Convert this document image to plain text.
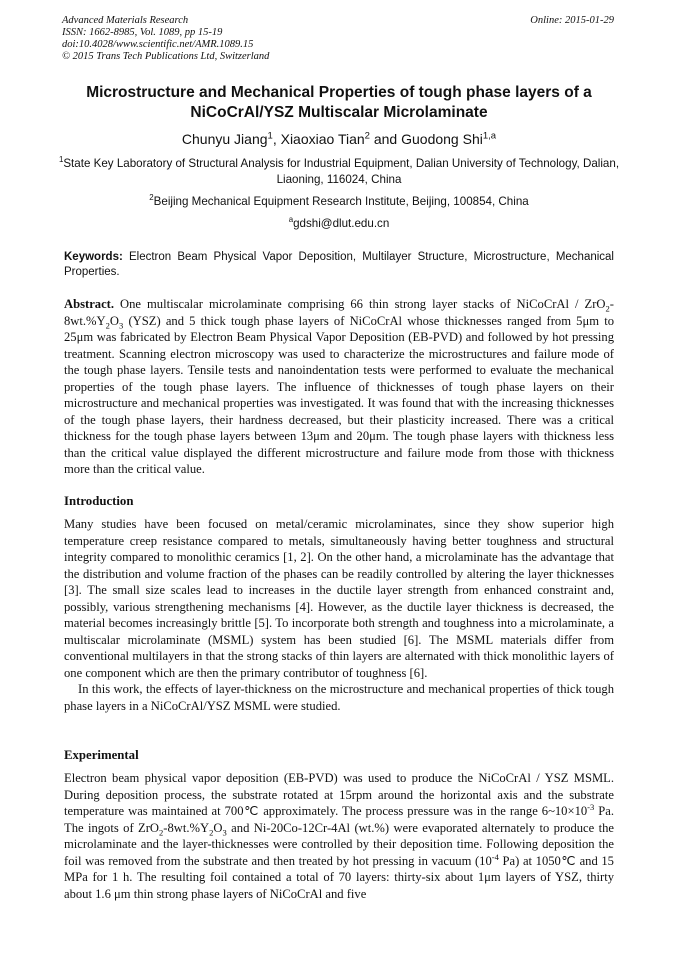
Advanced Materials Research
ISSN: 1662-8985, Vol. 1089, pp 15-19
doi:10.4028/www.scientific.net/AMR.1089.15
© 2015 Trans Tech Publications Ltd, Switzerland
Online: 2015-01-29
Microstructure and Mechanical Properties of tough phase layers of a NiCoCrAl/YSZ Multiscalar Microlaminate
Chunyu Jiang$^1$, Xiaoxiao Tian$^2$ and Guodong Shi$^{1,a}$
$^1$State Key Laboratory of Structural Analysis for Industrial Equipment, Dalian University of Technology, Dalian, Liaoning, 116024, China
$^2$Beijing Mechanical Equipment Research Institute, Beijing, 100854, China
$^a$gdshi@dlut.edu.cn
Keywords: Electron Beam Physical Vapor Deposition, Multilayer Structure, Microstructure, Mechanical Properties.
Abstract. One multiscalar microlaminate comprising 66 thin strong layer stacks of NiCoCrAl / $ZrO_2-8wt.\%Y_2O_3$ (YSZ) and 5 thick tough phase layers of NiCoCrAl whose thicknesses ranged from 5μm to 25μm was fabricated by Electron Beam Physical Vapor Deposition (EB-PVD) and followed by hot pressing treatment. Scanning electron microscopy was used to characterize the microstructures and failure mode of the tough phase layers. Tensile tests and nanoindentation tests were performed to evaluate the mechanical properties of the tough phase layers. The influence of thicknesses of tough phase layers on their microstructure and mechanical properties was investigated. It was found that with the increasing thicknesses of the tough phase layers, their hardness decreased, but their plasticity increased. There was a critical thickness for the tough phase layers between 13μm and 20μm. The tough phase layers with thickness less than the critical value displayed the different microstructure and failure mode from those with thickness more than the critical value.
Introduction
Many studies have been focused on metal/ceramic microlaminates, since they show superior high temperature creep resistance compared to metals, simultaneously having better toughness and structural integrity compared to monolithic ceramics [1, 2]. On the other hand, a microlaminate has the advantage that the distribution and volume fraction of the phases can be readily controlled by altering the layer thicknesses [3]. The small size scales lead to increases in the ductile layer strength from enhanced constraint and, possibly, various strengthening mechanisms [4]. However, as the ductile layer thickness is decreased, the material becomes increasingly brittle [5]. To incorporate both strength and toughness into a microlaminate, a multiscalar microlaminate (MSML) system has been studied [6]. The MSML materials differ from conventional multilayers in that the strong stacks of thin layers are alternated with thick monolithic layers of one component which are then the primary contributor of toughness [6].
In this work, the effects of layer-thickness on the microstructure and mechanical properties of thick tough phase layers in a NiCoCrAl/YSZ MSML were studied.
Experimental
Electron beam physical vapor deposition (EB-PVD) was used to produce the NiCoCrAl / YSZ MSML. During deposition process, the substrate rotated at 15rpm around the horizontal axis and the substrate temperature was maintained at 700℃ approximately. The process pressure was in the range $6\sim 10\times 10^{-3}$ Pa. The ingots of $ZrO_2-8wt.\%Y_2O_3$ and Ni-20Co-12Cr-4Al (wt.%) were evaporated alternately to produce the microlaminate and the layer-thicknesses were controlled by their deposition time. Following deposition the foil was removed from the substrate and then treated by hot pressing in vacuum ($10^{-4}$ Pa) at 1050℃ and 15 MPa for 1 h. The resulting foil contained a total of 70 layers: thirty-six about 1μm layers of YSZ, thirty about 1.6 μm thin strong phase layers of NiCoCrAl and five
